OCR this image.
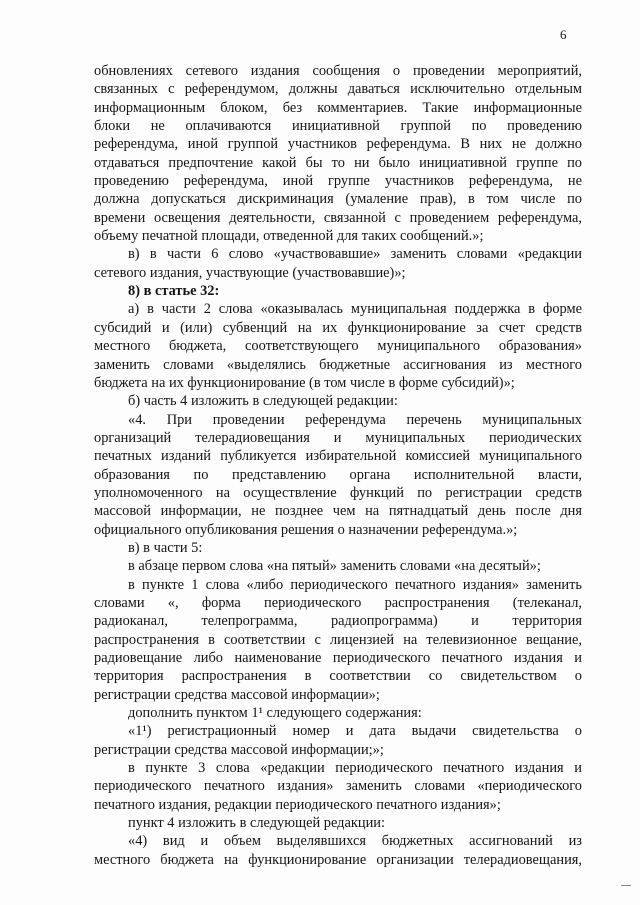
6
обновлениях сетевого издания сообщения о проведении мероприятий,
связанных с референдумом, должны даваться исключительно отдельным
информационным блоком, без комментариев. Такие информационные
блоки не оплачиваются инициативной группой по проведению
референдума, иной группой участников референдума. В них не должно
отдаваться предпочтение какой бы то ни было инициативной группе по
проведению референдума, иной группе участников референдума, не
должна допускаться дискриминация (умаление прав), в том числе по
времени освещения деятельности, связанной с проведением референдума,
объему печатной площади, отведенной для таких сообщений.»;
в) в части 6 слово «участвовавшие» заменить словами «редакции
сетевого издания, участвующие (участвовавшие)»;
8) в статье 32:
а) в части 2 слова «оказывалась муниципальная поддержка в форме
субсидий и (или) субвенций на их функционирование за счет средств
местного бюджета, соответствующего муниципального образования»
заменить словами «выделялись бюджетные ассигнования из местного
бюджета на их функционирование (в том числе в форме субсидий)»;
б) часть 4 изложить в следующей редакции:
«4. При проведении референдума перечень муниципальных
организаций телерадиовещания и муниципальных периодических
печатных изданий публикуется избирательной комиссией муниципального
образования по представлению органа исполнительной власти,
уполномоченного на осуществление функций по регистрации средств
массовой информации, не позднее чем на пятнадцатый день после дня
официального опубликования решения о назначении референдума.»;
в) в части 5:
в абзаце первом слова «на пятый» заменить словами «на десятый»;
в пункте 1 слова «либо периодического печатного издания» заменить
словами «, форма периодического распространения (телеканал,
радиоканал, телепрограмма, радиопрограмма) и территория
распространения в соответствии с лицензией на телевизионное вещание,
радиовещание либо наименование периодического печатного издания и
территория распространения в соответствии со свидетельством о
регистрации средства массовой информации»;
дополнить пунктом 1¹ следующего содержания:
«1¹) регистрационный номер и дата выдачи свидетельства о
регистрации средства массовой информации;»;
в пункте 3 слова «редакции периодического печатного издания и
периодического печатного издания» заменить словами «периодического
печатного издания, редакции периодического печатного издания»;
пункт 4 изложить в следующей редакции:
«4) вид и объем выделявшихся бюджетных ассигнований из
местного бюджета на функционирование организации телерадиовещания,
